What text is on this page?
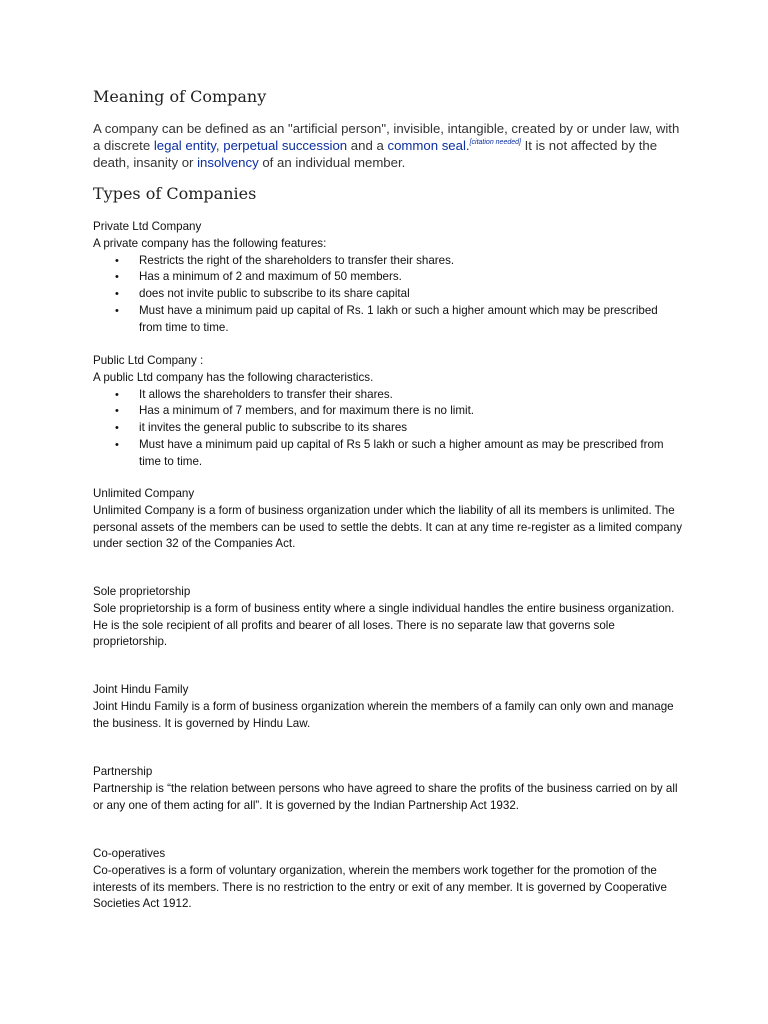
Meaning of Company
A company can be defined as an "artificial person", invisible, intangible, created by or under law, with a discrete legal entity, perpetual succession and a common seal.[citation needed] It is not affected by the death, insanity or insolvency of an individual member.
Types of Companies
Private Ltd Company
A private company has the following features:
• Restricts the right of the shareholders to transfer their shares.
• Has a minimum of 2 and maximum of 50 members.
• does not invite public to subscribe to its share capital
• Must have a minimum paid up capital of Rs. 1 lakh or such a higher amount which may be prescribed from time to time.
Public Ltd Company :
A public Ltd company has the following characteristics.
• It allows the shareholders to transfer their shares.
• Has a minimum of 7 members, and for maximum there is no limit.
• it invites the general public to subscribe to its shares
• Must have a minimum paid up capital of Rs 5 lakh or such a higher amount as may be prescribed from time to time.
Unlimited Company
Unlimited Company is a form of business organization under which the liability of all its members is unlimited. The personal assets of the members can be used to settle the debts. It can at any time re-register as a limited company under section 32 of the Companies Act.
Sole proprietorship
Sole proprietorship is a form of business entity where a single individual handles the entire business organization. He is the sole recipient of all profits and bearer of all loses. There is no separate law that governs sole proprietorship.
Joint Hindu Family
Joint Hindu Family is a form of business organization wherein the members of a family can only own and manage the business. It is governed by Hindu Law.
Partnership
Partnership is “the relation between persons who have agreed to share the profits of the business carried on by all or any one of them acting for all”. It is governed by the Indian Partnership Act 1932.
Co-operatives
Co-operatives is a form of voluntary organization, wherein the members work together for the promotion of the interests of its members. There is no restriction to the entry or exit of any member. It is governed by Cooperative Societies Act 1912.
